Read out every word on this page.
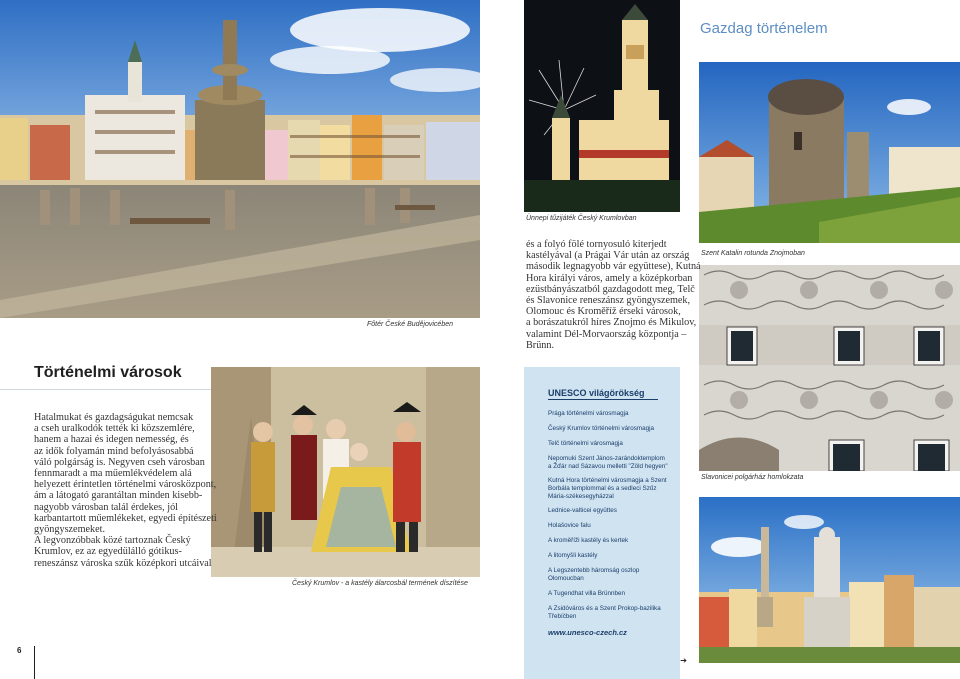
Főtér České Budějovicében
Ünnepi tűzijáték Český Krumlovban
Gazdag történelem
Szent Katalin rotunda Znojmoban
Slavonicei polgárház homlokzata
➔
Český Krumlov - a kastély álarcosbál termének díszítése
és a folyó fölé tornyosuló kiterjedt
kastélyával (a Prágai Vár után az ország
második legnagyobb vár együttese), Kutná
Hora királyi város, amely a középkorban
ezüstbányászatból gazdagodott meg, Telč
és Slavonice reneszánsz gyöngyszemek,
Olomouc és Kroměříž érseki városok,
a borászatukról híres Znojmo és Mikulov,
valamint Dél-Morvaország központja –
Brünn.
Történelmi városok
Hatalmukat és gazdagságukat nemcsak
a cseh uralkodók tették ki közszemlére,
hanem a hazai és idegen nemesség, és
az idők folyamán mind befolyásosabbá
váló polgárság is. Negyven cseh városban
fennmaradt a ma műemlékvédelem alá
helyezett érintetlen történelmi városközpont,
ám a látogató garantáltan minden kisebb-
nagyobb városban talál érdekes, jól
karbantartott műemlékeket, egyedi építészeti
gyöngyszemeket.
A legvonzóbbak közé tartoznak Český
Krumlov, ez az egyedülálló gótikus-
reneszánsz városka szűk középkori utcáival
UNESCO világörökség
Prága történelmi városmagja
Český Krumlov történelmi városmagja
Telč történelmi városmagja
Nepomuki Szent János-zarándoktemplom
a Žďár nad Sázavou melletti "Zöld hegyen"
Kutná Hora történelmi városmagja a Szent
Borbála templommal és a sedleci Szűz
Mária-székesegyházzal
Lednice-valticei együttes
Holašovice falu
A kroměříži kastély és kertek
A litomyšli kastély
A Legszentebb háromság oszlop
Olomoucban
A Tugendhat villa Brünnben
A Zsidóváros és a Szent Prokop-bazilika
Třebíčben
www.unesco-czech.cz
6
